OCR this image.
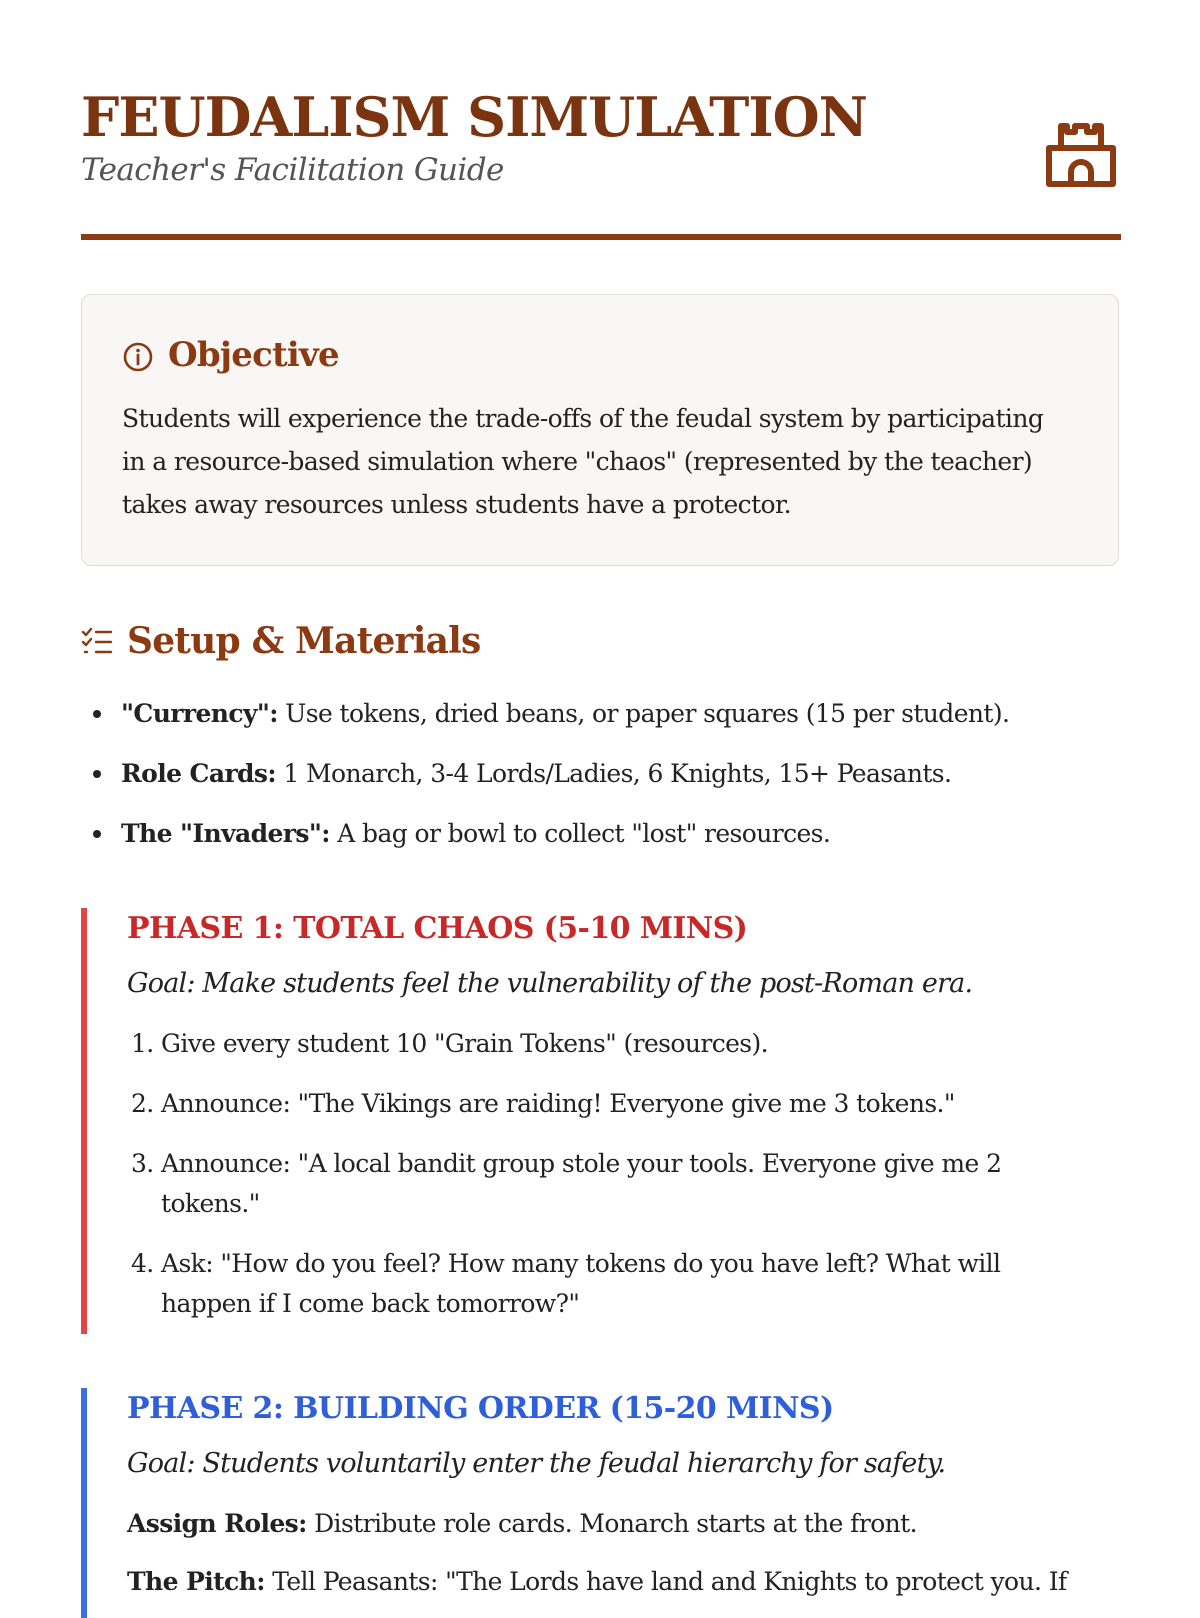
FEUDALISM SIMULATION

Teacher's Facilitation Guide

Objective

Students will experience the trade-offs of the feudal system by participating in a resource-based simulation where "chaos" (represented by the teacher) takes away resources unless students have a protector.

Setup & Materials
"Currency": Use tokens, dried beans, or paper squares (15 per student).
Role Cards: 1 Monarch, 3-4 Lords/Ladies, 6 Knights, 15+ Peasants.
The "Invaders": A bag or bowl to collect "lost" resources.
PHASE 1: TOTAL CHAOS (5-10 MINS)

Goal: Make students feel the vulnerability of the post-Roman era.

1. Give every student 10 "Grain Tokens" (resources).
2. Announce: "The Vikings are raiding! Everyone give me 3 tokens."
3. Announce: "A local bandit group stole your tools. Everyone give me 2 tokens."
4. Ask: "How do you feel? How many tokens do you have left? What will happen if I come back tomorrow?"
PHASE 2: BUILDING ORDER (15-20 MINS)

Goal: Students voluntarily enter the feudal hierarchy for safety.

Assign Roles: Distribute role cards. Monarch starts at the front.

The Pitch: Tell Peasants: "The Lords have land and Knights to protect you. If
